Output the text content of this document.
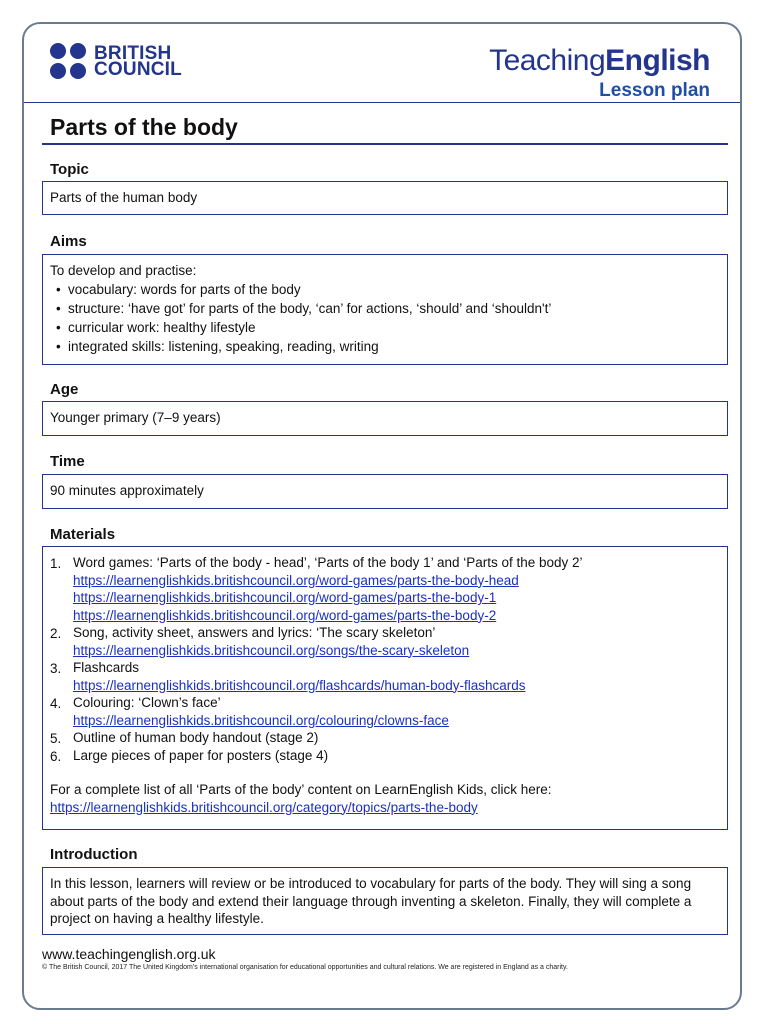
BRITISH
COUNCIL	TeachingEnglish
Lesson plan
Parts of the body
Topic
Parts of the human body
Aims
To develop and practise:
• vocabulary: words for parts of the body
• structure: ‘have got’ for parts of the body, ‘can’ for actions, ‘should’ and ‘shouldn't’
• curricular work: healthy lifestyle
• integrated skills: listening, speaking, reading, writing
Age
Younger primary (7–9 years)
Time
90 minutes approximately
Materials
1. Word games: ‘Parts of the body - head’, ‘Parts of the body 1’ and ‘Parts of the body 2’
https://learnenglishkids.britishcouncil.org/word-games/parts-the-body-head
https://learnenglishkids.britishcouncil.org/word-games/parts-the-body-1
https://learnenglishkids.britishcouncil.org/word-games/parts-the-body-2
2. Song, activity sheet, answers and lyrics: ‘The scary skeleton’
https://learnenglishkids.britishcouncil.org/songs/the-scary-skeleton
3. Flashcards
https://learnenglishkids.britishcouncil.org/flashcards/human-body-flashcards
4. Colouring: ‘Clown’s face’
https://learnenglishkids.britishcouncil.org/colouring/clowns-face
5. Outline of human body handout (stage 2)
6. Large pieces of paper for posters (stage 4)
For a complete list of all ‘Parts of the body’ content on LearnEnglish Kids, click here:
https://learnenglishkids.britishcouncil.org/category/topics/parts-the-body
Introduction
In this lesson, learners will review or be introduced to vocabulary for parts of the body. They will sing a song about parts of the body and extend their language through inventing a skeleton. Finally, they will complete a project on having a healthy lifestyle.
www.teachingenglish.org.uk
© The British Council, 2017 The United Kingdom’s international organisation for educational opportunities and cultural relations. We are registered in England as a charity.
